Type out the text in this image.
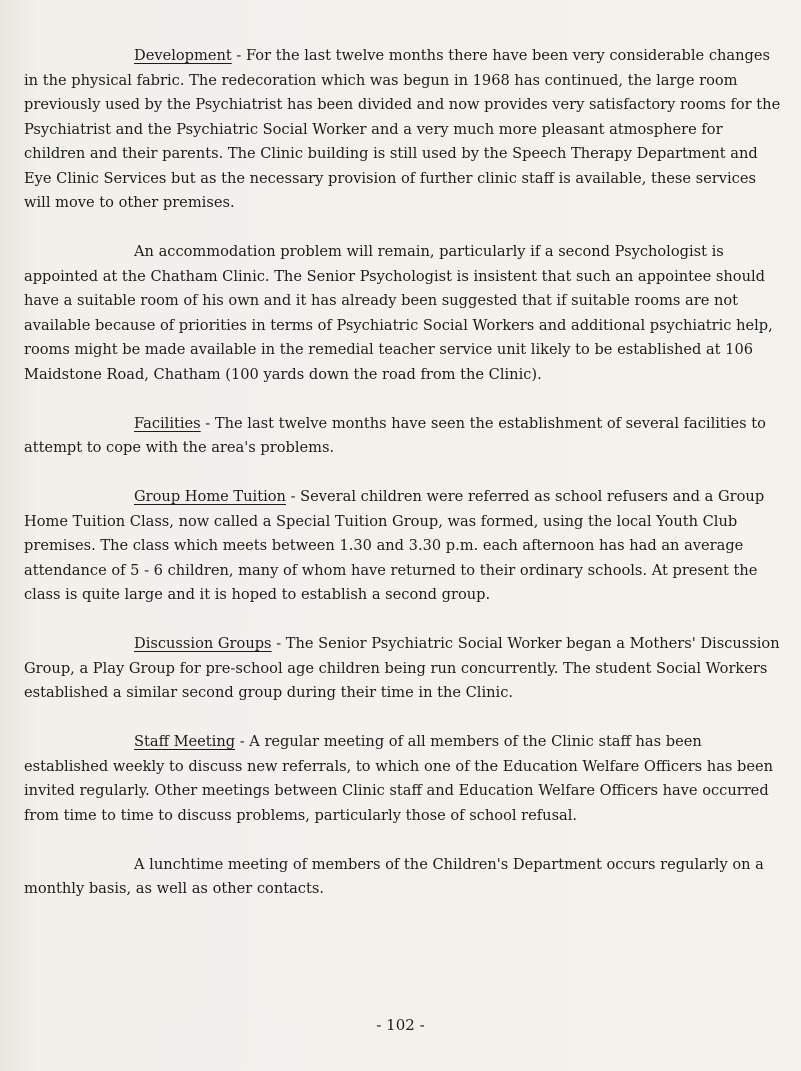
Development - For the last twelve months there have been very considerable changes in the physical fabric. The redecoration which was begun in 1968 has continued, the large room previously used by the Psychiatrist has been divided and now provides very satisfactory rooms for the Psychiatrist and the Psychiatric Social Worker and a very much more pleasant atmosphere for children and their parents. The Clinic building is still used by the Speech Therapy Department and Eye Clinic Services but as the necessary provision of further clinic staff is available, these services will move to other premises.

An accommodation problem will remain, particularly if a second Psychologist is appointed at the Chatham Clinic. The Senior Psychologist is insistent that such an appointee should have a suitable room of his own and it has already been suggested that if suitable rooms are not available because of priorities in terms of Psychiatric Social Workers and additional psychiatric help, rooms might be made available in the remedial teacher service unit likely to be established at 106 Maidstone Road, Chatham (100 yards down the road from the Clinic).

Facilities - The last twelve months have seen the establishment of several facilities to attempt to cope with the area's problems.

Group Home Tuition - Several children were referred as school refusers and a Group Home Tuition Class, now called a Special Tuition Group, was formed, using the local Youth Club premises. The class which meets between 1.30 and 3.30 p.m. each afternoon has had an average attendance of 5 - 6 children, many of whom have returned to their ordinary schools. At present the class is quite large and it is hoped to establish a second group.

Discussion Groups - The Senior Psychiatric Social Worker began a Mothers' Discussion Group, a Play Group for pre-school age children being run concurrently. The student Social Workers established a similar second group during their time in the Clinic.

Staff Meeting - A regular meeting of all members of the Clinic staff has been established weekly to discuss new referrals, to which one of the Education Welfare Officers has been invited regularly. Other meetings between Clinic staff and Education Welfare Officers have occurred from time to time to discuss problems, particularly those of school refusal.

A lunchtime meeting of members of the Children's Department occurs regularly on a monthly basis, as well as other contacts.

- 102 -
